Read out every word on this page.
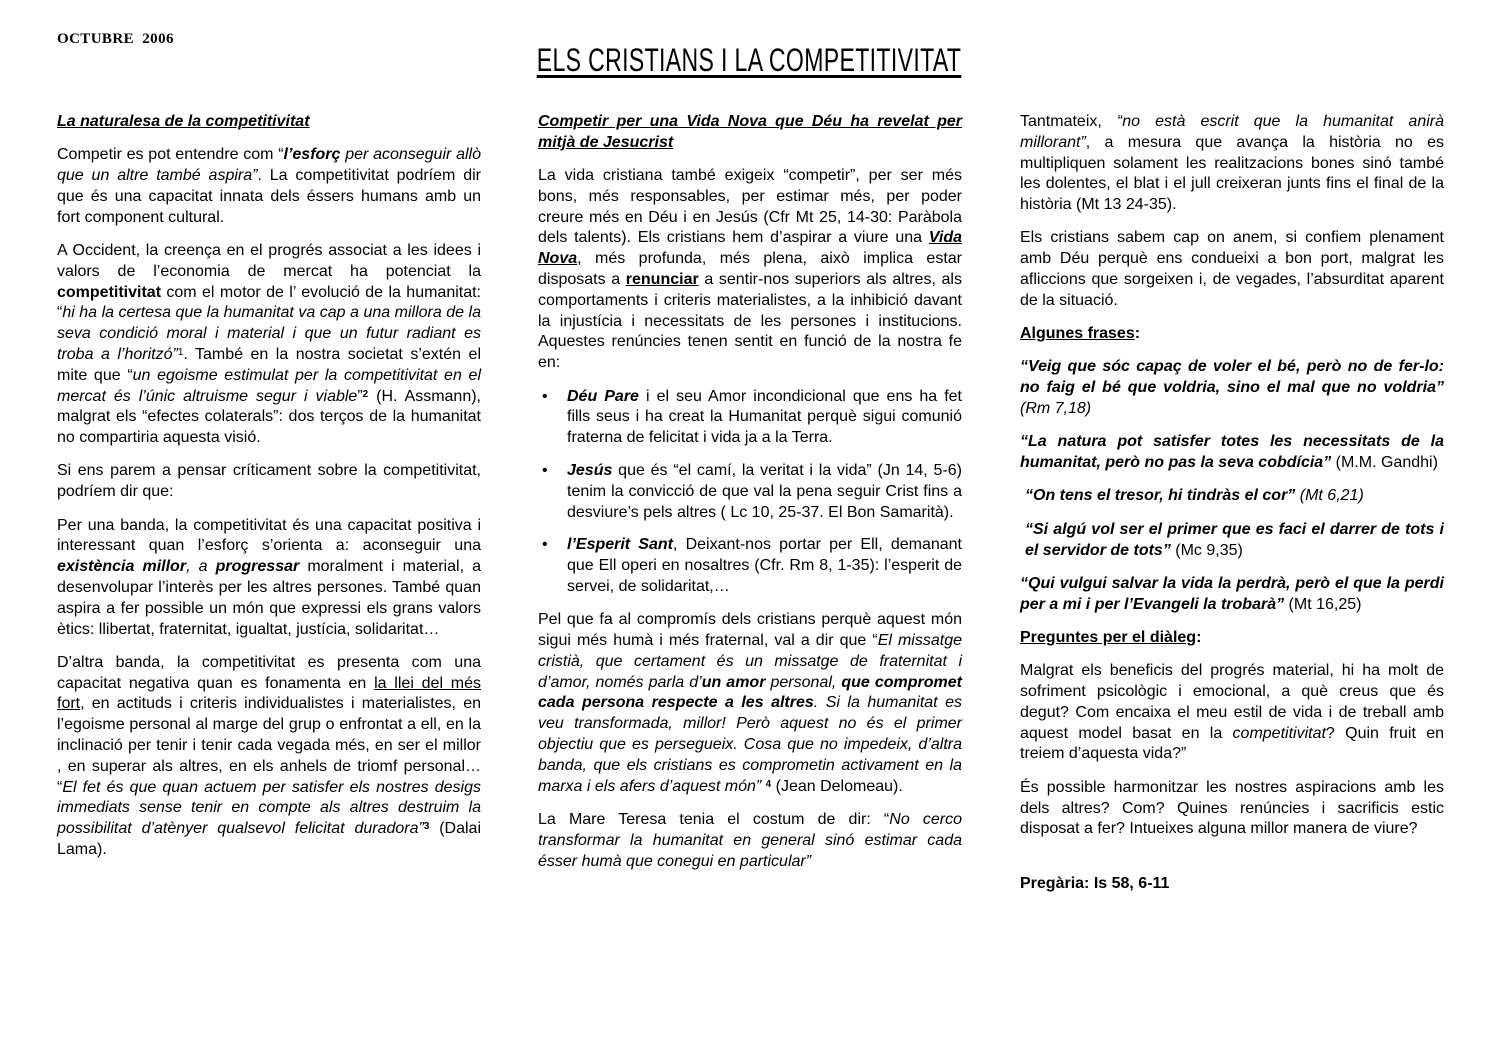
OCTUBRE  2006
ELS CRISTIANS I LA COMPETITIVITAT

La naturalesa de la competitivitat

Competir es pot entendre com “l’esforç per aconseguir allò que un altre també aspira”. La competitivitat podríem dir que és una capacitat innata dels éssers humans amb un fort component cultural.

A Occident, la creença en el progrés associat a les idees i valors de l’economia de mercat ha potenciat la competitivitat com el motor de l’ evolució de la humanitat: “hi ha la certesa que la humanitat va cap a una millora de la seva condició moral i material i que un futur radiant es troba a l’horitzó”$^1$. També en la nostra societat s’extén el mite que “un egoisme estimulat per la competitivitat en el mercat és l’únic altruisme segur i viable”$^2$ (H. Assmann), malgrat els “efectes colaterals”: dos terços de la humanitat no compartiria aquesta visió.

Si ens parem a pensar críticament sobre la competitivitat, podríem dir que:

Per una banda, la competitivitat és una capacitat positiva i interessant quan l’esforç s’orienta a: aconseguir una existència millor, a progressar moralment i material, a desenvolupar l’interès per les altres persones. També quan aspira a fer possible un món que expressi els grans valors ètics: llibertat, fraternitat, igualtat, justícia, solidaritat…

D’altra banda, la competitivitat es presenta com una capacitat negativa quan es fonamenta en la llei del més fort, en actituds i criteris individualistes i materialistes, en l’egoisme personal al marge del grup o enfrontat a ell, en la inclinació per tenir i tenir cada vegada més, en ser el millor , en superar als altres, en els anhels de triomf personal… “El fet és que quan actuem per satisfer els nostres desigs immediats sense tenir en compte als altres destruim la possibilitat d’atènyer qualsevol felicitat duradora”$^3$ (Dalai Lama).

Competir per una Vida Nova que Déu ha revelat per mitjà de Jesucrist

La vida cristiana també exigeix “competir”, per ser més bons, més responsables, per estimar més, per poder creure més en Déu i en Jesús (Cfr Mt 25, 14-30: Paràbola dels talents). Els cristians hem d’aspirar a viure una Vida Nova, més profunda, més plena, això implica estar disposats a renunciar a sentir-nos superiors als altres, als comportaments i criteris materialistes, a la inhibició davant la injustícia i necessitats de les persones i institucions. Aquestes renúncies tenen sentit en funció de la nostra fe en:

• Déu Pare i el seu Amor incondicional que ens ha fet fills seus i ha creat la Humanitat perquè sigui comunió fraterna de felicitat i vida ja a la Terra.
• Jesús que és “el camí, la veritat i la vida” (Jn 14, 5-6) tenim la convicció de que val la pena seguir Crist fins a desviure’s pels altres ( Lc 10, 25-37. El Bon Samarità).
• l’Esperit Sant, Deixant-nos portar per Ell, demanant que Ell operi en nosaltres (Cfr. Rm 8, 1-35): l’esperit de servei, de solidaritat,…

Pel que fa al compromís dels cristians perquè aquest món sigui més humà i més fraternal, val a dir que “El missatge cristià, que certament és un missatge de fraternitat i d’amor, només parla d’un amor personal, que compromet cada persona respecte a les altres. Si la humanitat es veu transformada, millor! Però aquest no és el primer objectiu que es persegueix. Cosa que no impedeix, d’altra banda, que els cristians es comprometin activament en la marxa i els afers d’aquest món” $^4$ (Jean Delomeau).

La Mare Teresa tenia el costum de dir: “No cerco transformar la humanitat en general sinó estimar cada ésser humà que conegui en particular”

Tantmateix, “no està escrit que la humanitat anirà millorant”, a mesura que avança la història no es multipliquen solament les realitzacions bones sinó també les dolentes, el blat i el jull creixeran junts fins el final de la història (Mt 13 24-35).

Els cristians sabem cap on anem, si confiem plenament amb Déu perquè ens condueixi a bon port, malgrat les afliccions que sorgeixen i, de vegades, l’absurditat aparent de la situació.

Algunes frases:

“Veig que sóc capaç de voler el bé, però no de fer-lo: no faig el bé que voldria, sino el mal que no voldria” (Rm 7,18)

“La natura pot satisfer totes les necessitats de la humanitat, però no pas la seva cobdícia” (M.M. Gandhi)

“On tens el tresor, hi tindràs el cor” (Mt 6,21)

“Si algú vol ser el primer que es faci el darrer de tots i el servidor de tots” (Mc 9,35)

“Qui vulgui salvar la vida la perdrà, però el que la perdi per a mi i per l’Evangeli la trobarà” (Mt 16,25)

Preguntes per el diàleg:

Malgrat els beneficis del progrés material, hi ha molt de sofriment psicològic i emocional, a què creus que és degut? Com encaixa el meu estil de vida i de treball amb aquest model basat en la competitivitat? Quin fruit en treiem d’aquesta vida?”

És possible harmonitzar les nostres aspiracions amb les dels altres? Com? Quines renúncies i sacrificis estic disposat a fer? Intueixes alguna millor manera de viure?

Pregària: Is 58, 6-11
